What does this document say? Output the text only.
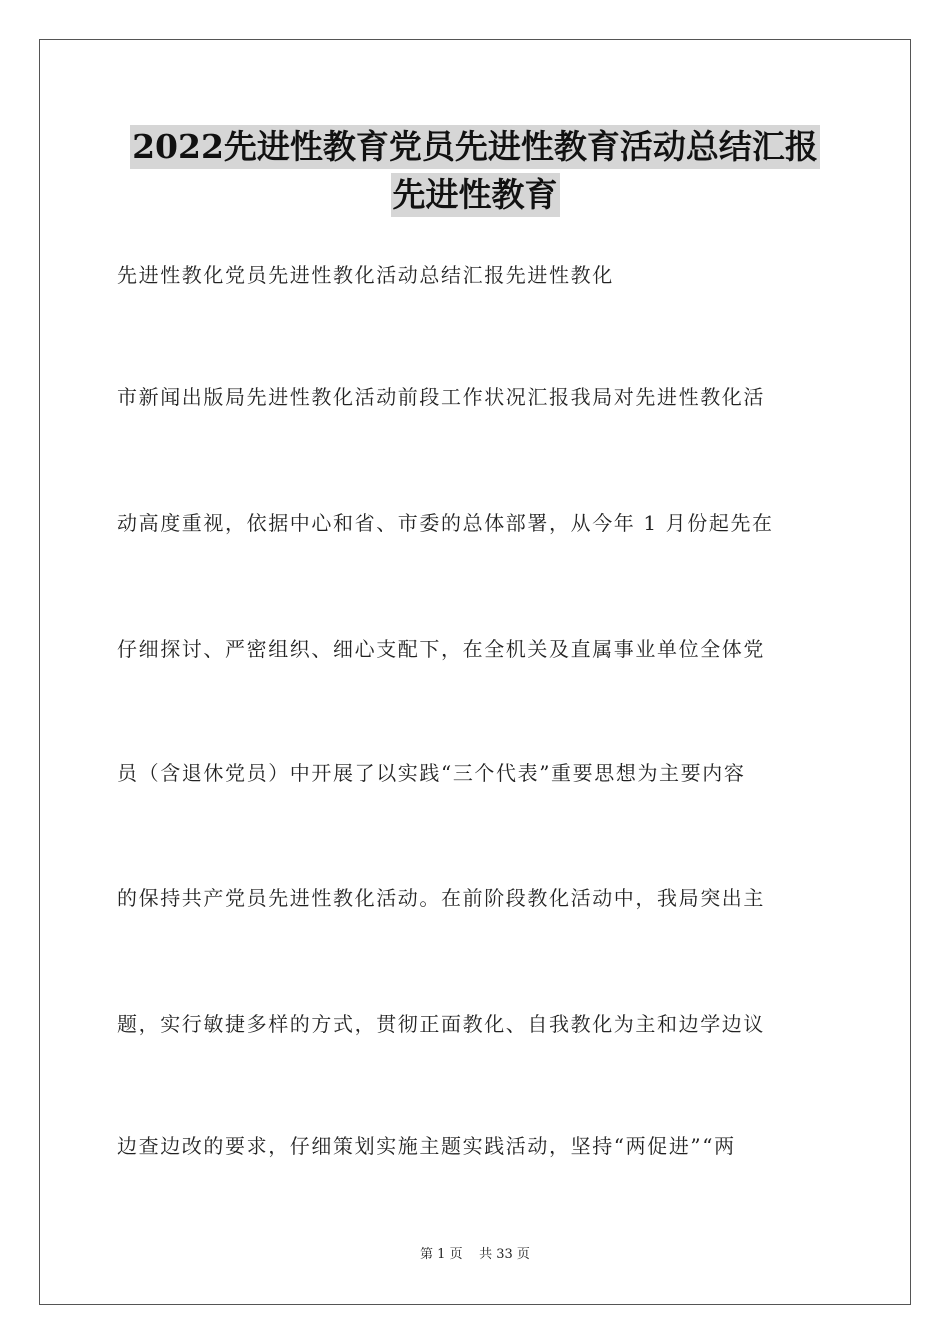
2022先进性教育党员先进性教育活动总结汇报
先进性教育
先进性教化党员先进性教化活动总结汇报先进性教化
市新闻出版局先进性教化活动前段工作状况汇报我局对先进性教化活
动高度重视，依据中心和省、市委的总体部署，从今年 1 月份起先在
仔细探讨、严密组织、细心支配下，在全机关及直属事业单位全体党
员（含退休党员）中开展了以实践“三个代表”重要思想为主要内容
的保持共产党员先进性教化活动。在前阶段教化活动中，我局突出主
题，实行敏捷多样的方式，贯彻正面教化、自我教化为主和边学边议
边查边改的要求，仔细策划实施主题实践活动，坚持“两促进”“两
第 1 页 共 33 页
